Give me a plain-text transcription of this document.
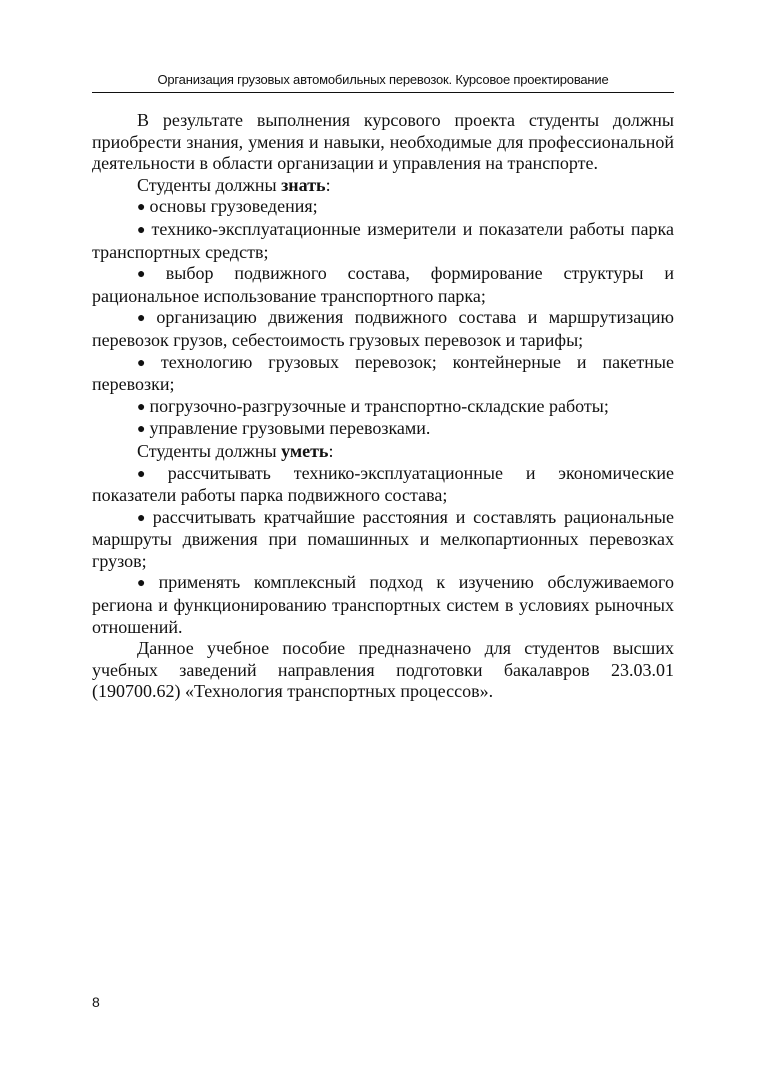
Организация грузовых автомобильных перевозок. Курсовое проектирование

В результате выполнения курсового проекта студенты должны приобрести знания, умения и навыки, необходимые для профессиональной деятельности в области организации и управления на транспорте.

Студенты должны знать:

● основы грузоведения;

● технико-эксплуатационные измерители и показатели работы парка транспортных средств;

● выбор подвижного состава, формирование структуры и рациональное использование транспортного парка;

● организацию движения подвижного состава и маршрутизацию перевозок грузов, себестоимость грузовых перевозок и тарифы;

● технологию грузовых перевозок; контейнерные и пакетные перевозки;

● погрузочно-разгрузочные и транспортно-складские работы;

● управление грузовыми перевозками.

Студенты должны уметь:

● рассчитывать технико-эксплуатационные и экономические показатели работы парка подвижного состава;

● рассчитывать кратчайшие расстояния и составлять рациональные маршруты движения при помашинных и мелкопартионных перевозках грузов;

● применять комплексный подход к изучению обслуживаемого региона и функционированию транспортных систем в условиях рыночных отношений.

Данное учебное пособие предназначено для студентов высших учебных заведений направления подготовки бакалавров 23.03.01 (190700.62) «Технология транспортных процессов».

8
